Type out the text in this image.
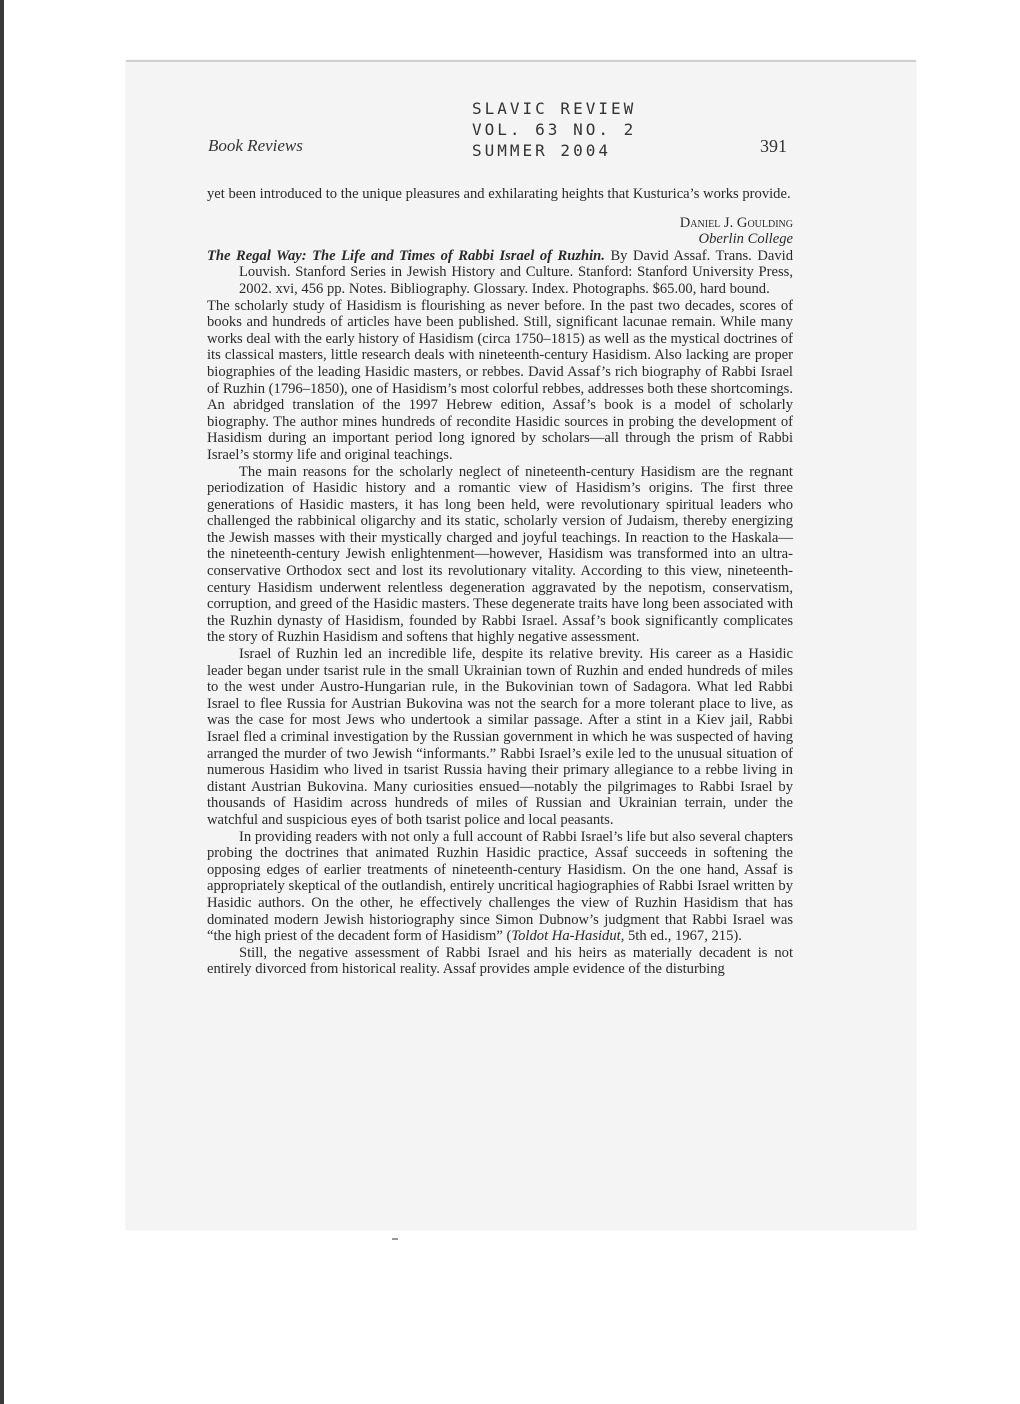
SLAVIC REVIEW
VOL. 63 NO. 2
SUMMER 2004
Book Reviews	391

yet been introduced to the unique pleasures and exhilarating heights that Kusturica’s works provide.

Daniel J. Goulding
Oberlin College

The Regal Way: The Life and Times of Rabbi Israel of Ruzhin. By David Assaf. Trans. David Louvish. Stanford Series in Jewish History and Culture. Stanford: Stanford University Press, 2002. xvi, 456 pp. Notes. Bibliography. Glossary. Index. Photographs. $65.00, hard bound.

The scholarly study of Hasidism is flourishing as never before. In the past two decades, scores of books and hundreds of articles have been published. Still, significant lacunae remain. While many works deal with the early history of Hasidism (circa 1750–1815) as well as the mystical doctrines of its classical masters, little research deals with nineteenth-century Hasidism. Also lacking are proper biographies of the leading Hasidic masters, or rebbes. David Assaf’s rich biography of Rabbi Israel of Ruzhin (1796–1850), one of Hasidism’s most colorful rebbes, addresses both these shortcomings. An abridged translation of the 1997 Hebrew edition, Assaf’s book is a model of scholarly biography. The author mines hundreds of recondite Hasidic sources in probing the development of Hasidism during an important period long ignored by scholars—all through the prism of Rabbi Israel’s stormy life and original teachings.

The main reasons for the scholarly neglect of nineteenth-century Hasidism are the regnant periodization of Hasidic history and a romantic view of Hasidism’s origins. The first three generations of Hasidic masters, it has long been held, were revolutionary spiritual leaders who challenged the rabbinical oligarchy and its static, scholarly version of Judaism, thereby energizing the Jewish masses with their mystically charged and joyful teachings. In reaction to the Haskala—the nineteenth-century Jewish enlightenment—however, Hasidism was transformed into an ultra-conservative Orthodox sect and lost its revolutionary vitality. According to this view, nineteenth-century Hasidism underwent relentless degeneration aggravated by the nepotism, conservatism, corruption, and greed of the Hasidic masters. These degenerate traits have long been associated with the Ruzhin dynasty of Hasidism, founded by Rabbi Israel. Assaf’s book significantly complicates the story of Ruzhin Hasidism and softens that highly negative assessment.

Israel of Ruzhin led an incredible life, despite its relative brevity. His career as a Hasidic leader began under tsarist rule in the small Ukrainian town of Ruzhin and ended hundreds of miles to the west under Austro-Hungarian rule, in the Bukovinian town of Sadagora. What led Rabbi Israel to flee Russia for Austrian Bukovina was not the search for a more tolerant place to live, as was the case for most Jews who undertook a similar passage. After a stint in a Kiev jail, Rabbi Israel fled a criminal investigation by the Russian government in which he was suspected of having arranged the murder of two Jewish “informants.” Rabbi Israel’s exile led to the unusual situation of numerous Hasidim who lived in tsarist Russia having their primary allegiance to a rebbe living in distant Austrian Bukovina. Many curiosities ensued—notably the pilgrimages to Rabbi Israel by thousands of Hasidim across hundreds of miles of Russian and Ukrainian terrain, under the watchful and suspicious eyes of both tsarist police and local peasants.

In providing readers with not only a full account of Rabbi Israel’s life but also several chapters probing the doctrines that animated Ruzhin Hasidic practice, Assaf succeeds in softening the opposing edges of earlier treatments of nineteenth-century Hasidism. On the one hand, Assaf is appropriately skeptical of the outlandish, entirely uncritical hagiographies of Rabbi Israel written by Hasidic authors. On the other, he effectively challenges the view of Ruzhin Hasidism that has dominated modern Jewish historiography since Simon Dubnow’s judgment that Rabbi Israel was “the high priest of the decadent form of Hasidism” (Toldot Ha-Hasidut, 5th ed., 1967, 215).

Still, the negative assessment of Rabbi Israel and his heirs as materially decadent is not entirely divorced from historical reality. Assaf provides ample evidence of the disturbing
